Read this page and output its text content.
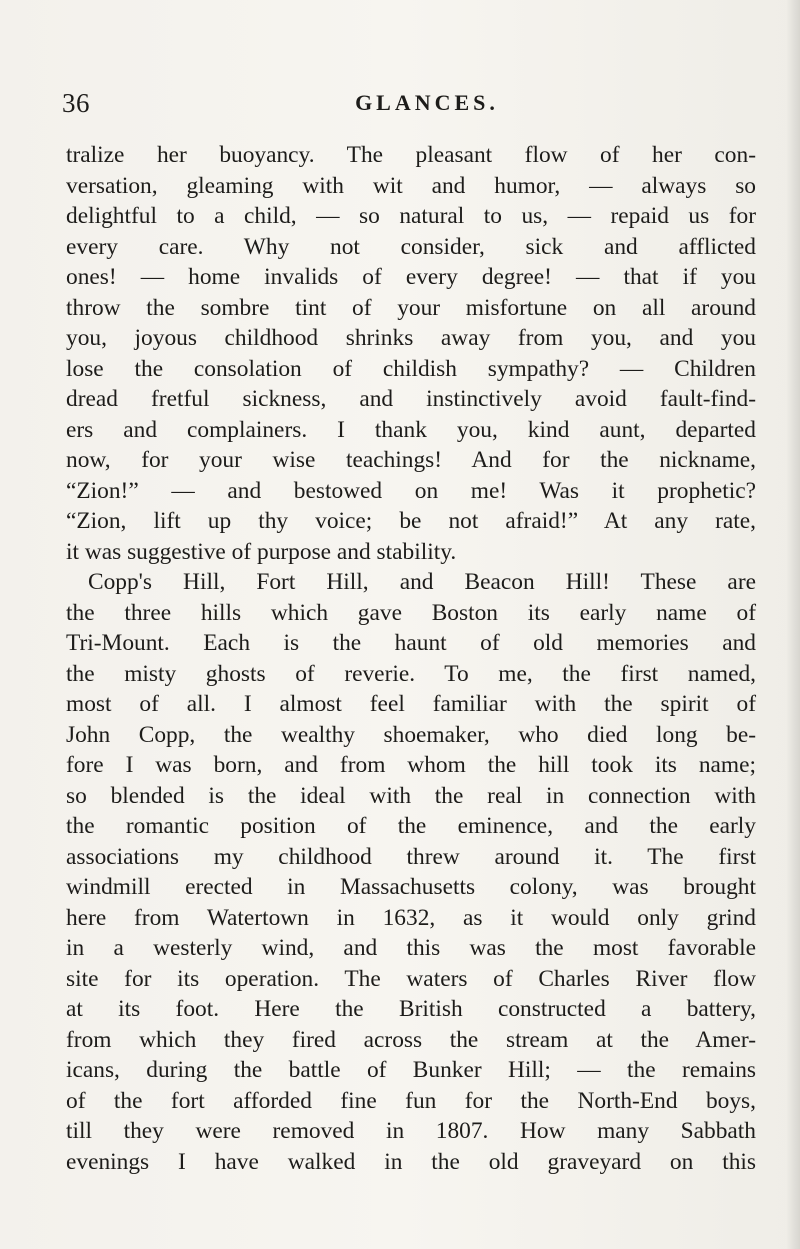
36	GLANCES.
tralize her buoyancy. The pleasant flow of her con-
versation, gleaming with wit and humor, — always so
delightful to a child, — so natural to us, — repaid us for
every care. Why not consider, sick and afflicted
ones! — home invalids of every degree! — that if you
throw the sombre tint of your misfortune on all around
you, joyous childhood shrinks away from you, and you
lose the consolation of childish sympathy? — Children
dread fretful sickness, and instinctively avoid fault-find-
ers and complainers. I thank you, kind aunt, departed
now, for your wise teachings! And for the nickname,
“Zion!” — and bestowed on me! Was it prophetic?
“Zion, lift up thy voice; be not afraid!” At any rate,
it was suggestive of purpose and stability.
Copp's Hill, Fort Hill, and Beacon Hill! These are
the three hills which gave Boston its early name of
Tri-Mount. Each is the haunt of old memories and
the misty ghosts of reverie. To me, the first named,
most of all. I almost feel familiar with the spirit of
John Copp, the wealthy shoemaker, who died long be-
fore I was born, and from whom the hill took its name;
so blended is the ideal with the real in connection with
the romantic position of the eminence, and the early
associations my childhood threw around it. The first
windmill erected in Massachusetts colony, was brought
here from Watertown in 1632, as it would only grind
in a westerly wind, and this was the most favorable
site for its operation. The waters of Charles River flow
at its foot. Here the British constructed a battery,
from which they fired across the stream at the Amer-
icans, during the battle of Bunker Hill; — the remains
of the fort afforded fine fun for the North-End boys,
till they were removed in 1807. How many Sabbath
evenings I have walked in the old graveyard on this
